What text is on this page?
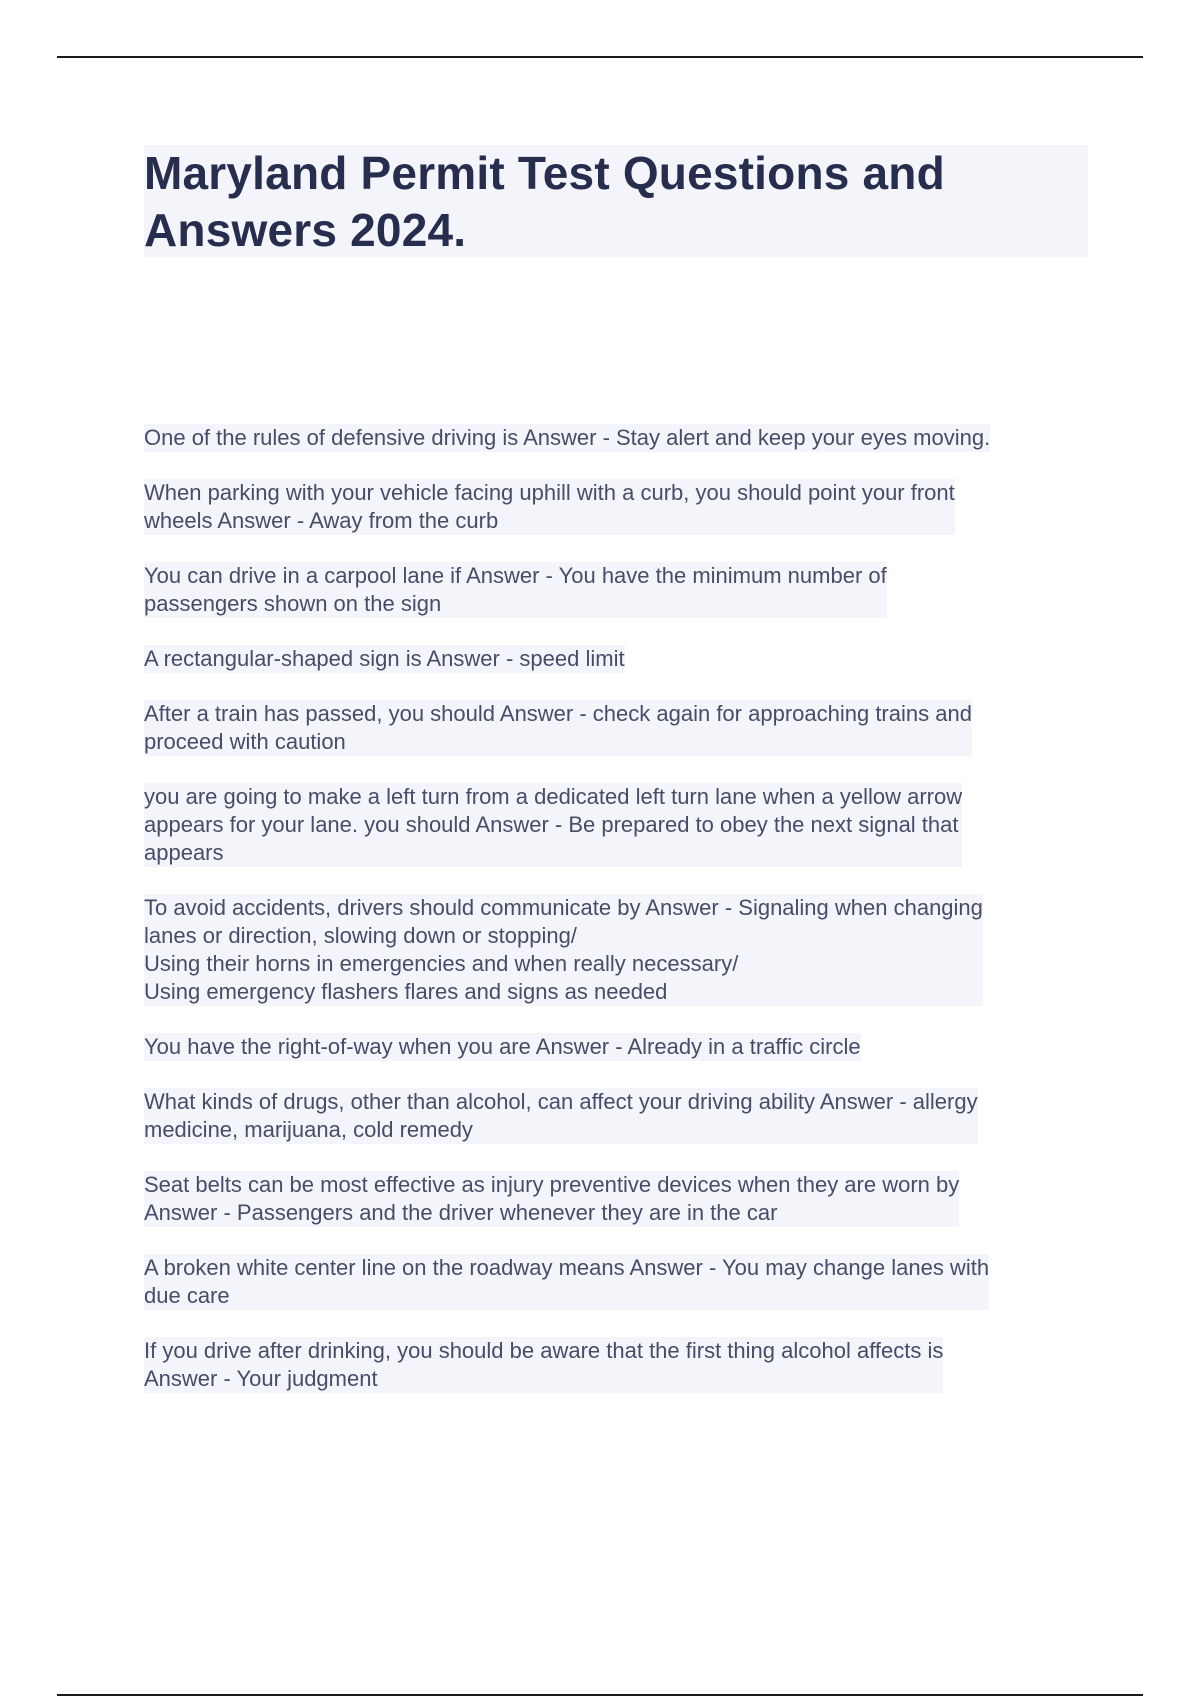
Maryland Permit Test Questions and
Answers 2024.
One of the rules of defensive driving is Answer - Stay alert and keep your eyes moving.
When parking with your vehicle facing uphill with a curb, you should point your front
wheels Answer - Away from the curb
You can drive in a carpool lane if Answer - You have the minimum number of
passengers shown on the sign
A rectangular-shaped sign is Answer - speed limit
After a train has passed, you should Answer - check again for approaching trains and
proceed with caution
you are going to make a left turn from a dedicated left turn lane when a yellow arrow
appears for your lane. you should Answer - Be prepared to obey the next signal that
appears
To avoid accidents, drivers should communicate by Answer - Signaling when changing
lanes or direction, slowing down or stopping/
Using their horns in emergencies and when really necessary/
Using emergency flashers flares and signs as needed
You have the right-of-way when you are Answer - Already in a traffic circle
What kinds of drugs, other than alcohol, can affect your driving ability Answer - allergy
medicine, marijuana, cold remedy
Seat belts can be most effective as injury preventive devices when they are worn by
Answer - Passengers and the driver whenever they are in the car
A broken white center line on the roadway means Answer - You may change lanes with
due care
If you drive after drinking, you should be aware that the first thing alcohol affects is
Answer - Your judgment
